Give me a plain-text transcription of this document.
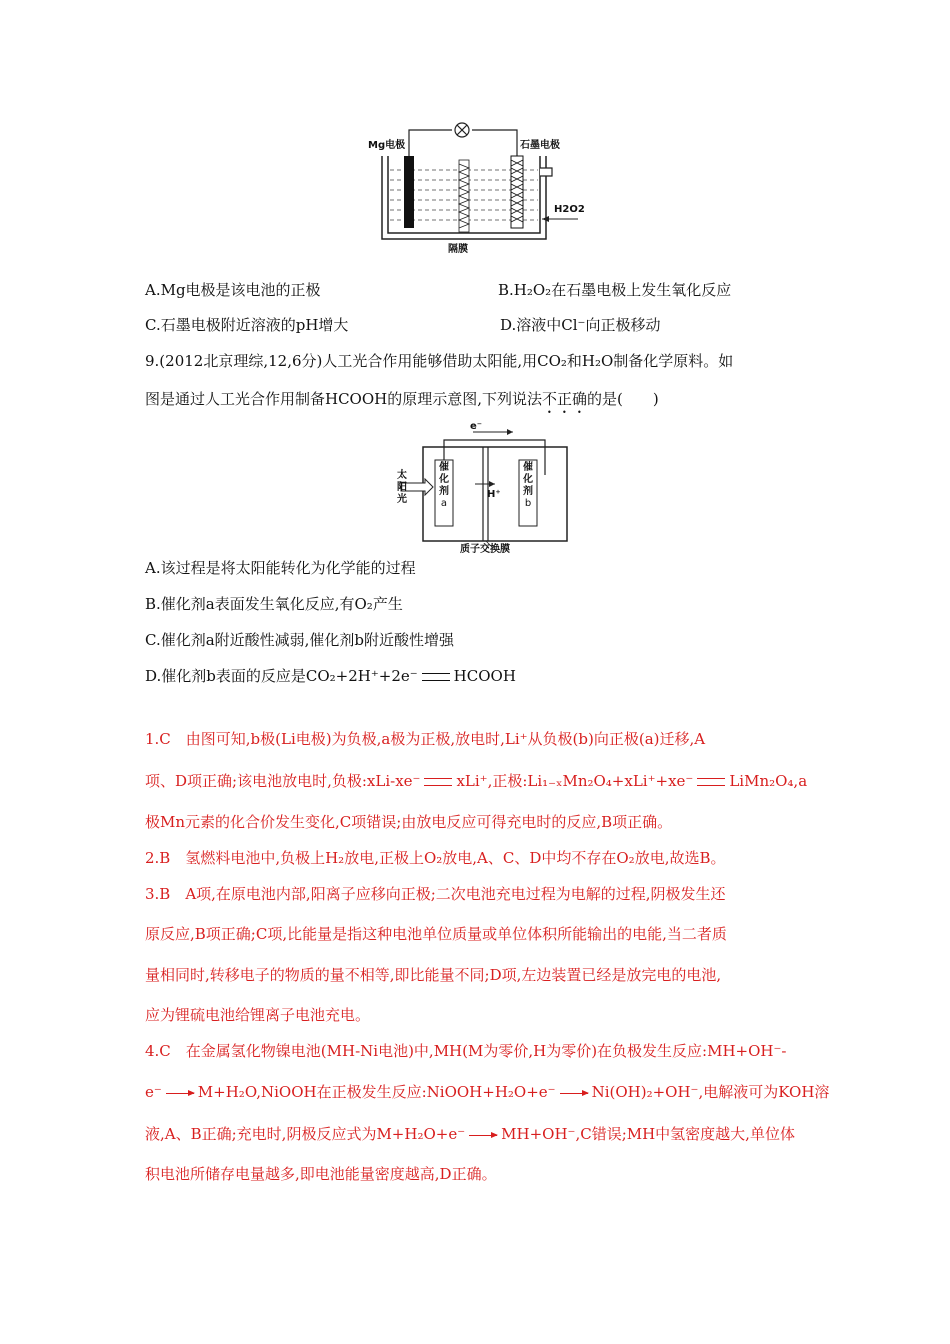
Mg电极	石墨电极
隔膜
H2O2
A.Mg电极是该电池的正极	B.H₂O₂在石墨电极上发生氧化反应
C.石墨电极附近溶液的pH增大	D.溶液中Cl⁻向正极移动
9.(2012北京理综,12,6分)人工光合作用能够借助太阳能,用CO₂和H₂O制备化学原料。如
图是通过人工光合作用制备HCOOH的原理示意图,下列说法不正确的是(　　)
e⁻
太
阳
光
催
化
剂
a
催
化
剂
b
H⁺
质子交换膜
A.该过程是将太阳能转化为化学能的过程
B.催化剂a表面发生氧化反应,有O₂产生
C.催化剂a附近酸性减弱,催化剂b附近酸性增强
D.催化剂b表面的反应是CO₂+2H⁺+2e⁻ HCOOH
1.C　由图可知,b极(Li电极)为负极,a极为正极,放电时,Li⁺从负极(b)向正极(a)迁移,A
项、D项正确;该电池放电时,负极:xLi-xe⁻ xLi⁺,正极:Li₁₋ₓMn₂O₄+xLi⁺+xe⁻ LiMn₂O₄,a
极Mn元素的化合价发生变化,C项错误;由放电反应可得充电时的反应,B项正确。
2.B　氢燃料电池中,负极上H₂放电,正极上O₂放电,A、C、D中均不存在O₂放电,故选B。
3.B　A项,在原电池内部,阳离子应移向正极;二次电池充电过程为电解的过程,阴极发生还
原反应,B项正确;C项,比能量是指这种电池单位质量或单位体积所能输出的电能,当二者质
量相同时,转移电子的物质的量不相等,即比能量不同;D项,左边装置已经是放完电的电池,
应为锂硫电池给锂离子电池充电。
4.C　在金属氢化物镍电池(MH-Ni电池)中,MH(M为零价,H为零价)在负极发生反应:MH+OH⁻-
e⁻ M+H₂O,NiOOH在正极发生反应:NiOOH+H₂O+e⁻ Ni(OH)₂+OH⁻,电解液可为KOH溶
液,A、B正确;充电时,阴极反应式为M+H₂O+e⁻ MH+OH⁻,C错误;MH中氢密度越大,单位体
积电池所储存电量越多,即电池能量密度越高,D正确。
